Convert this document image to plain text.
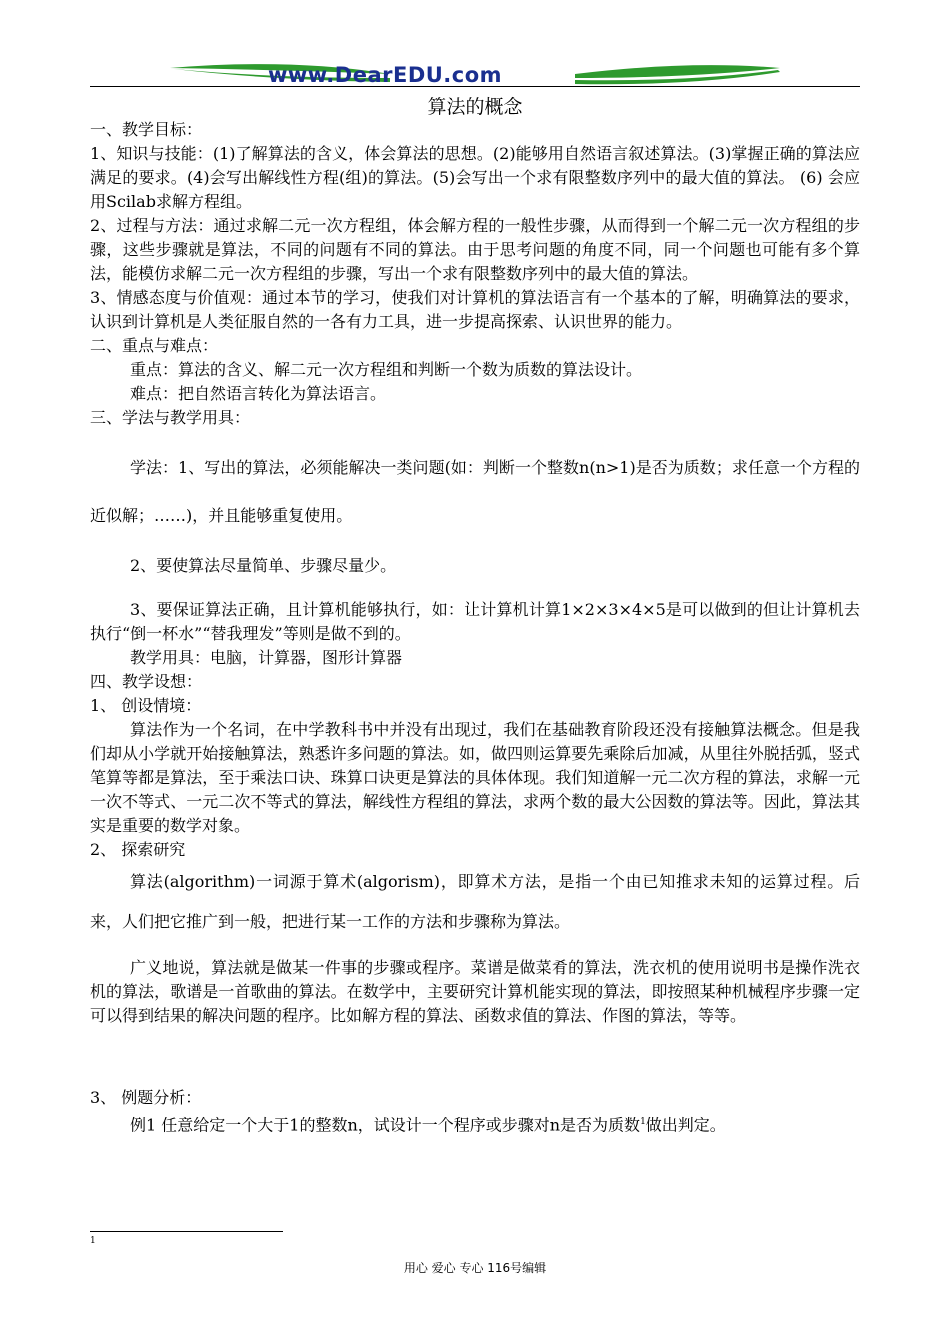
www.DearEDU.com
算法的概念

一、教学目标：

1、知识与技能：(1)了解算法的含义，体会算法的思想。(2)能够用自然语言叙述算法。(3)掌握正确的算法应满足的要求。(4)会写出解线性方程(组)的算法。(5)会写出一个求有限整数序列中的最大值的算法。 (6) 会应用Scilab求解方程组。

2、过程与方法：通过求解二元一次方程组，体会解方程的一般性步骤，从而得到一个解二元一次方程组的步骤，这些步骤就是算法，不同的问题有不同的算法。由于思考问题的角度不同，同一个问题也可能有多个算法，能模仿求解二元一次方程组的步骤，写出一个求有限整数序列中的最大值的算法。

3、情感态度与价值观：通过本节的学习，使我们对计算机的算法语言有一个基本的了解，明确算法的要求，认识到计算机是人类征服自然的一各有力工具，进一步提高探索、认识世界的能力。

二、重点与难点：

重点：算法的含义、解二元一次方程组和判断一个数为质数的算法设计。

难点：把自然语言转化为算法语言。

三、学法与教学用具：

学法：1、写出的算法，必须能解决一类问题(如：判断一个整数n(n>1)是否为质数；求任意一个方程的近似解；……)，并且能够重复使用。

2、要使算法尽量简单、步骤尽量少。

3、要保证算法正确，且计算机能够执行，如：让计算机计算1×2×3×4×5是可以做到的但让计算机去执行“倒一杯水”“替我理发”等则是做不到的。

教学用具：电脑，计算器，图形计算器

四、教学设想：

1、 创设情境：

算法作为一个名词，在中学教科书中并没有出现过，我们在基础教育阶段还没有接触算法概念。但是我们却从小学就开始接触算法，熟悉许多问题的算法。如，做四则运算要先乘除后加减，从里往外脱括弧，竖式笔算等都是算法，至于乘法口诀、珠算口诀更是算法的具体体现。我们知道解一元二次方程的算法，求解一元一次不等式、一元二次不等式的算法，解线性方程组的算法，求两个数的最大公因数的算法等。因此，算法其实是重要的数学对象。

2、 探索研究

算法(algorithm)一词源于算术(algorism)，即算术方法，是指一个由已知推求未知的运算过程。后来，人们把它推广到一般，把进行某一工作的方法和步骤称为算法。

广义地说，算法就是做某一件事的步骤或程序。菜谱是做菜肴的算法，洗衣机的使用说明书是操作洗衣机的算法，歌谱是一首歌曲的算法。在数学中，主要研究计算机能实现的算法，即按照某种机械程序步骤一定可以得到结果的解决问题的程序。比如解方程的算法、函数求值的算法、作图的算法，等等。

3、 例题分析：

例1 任意给定一个大于1的整数n，试设计一个程序或步骤对n是否为质数$^1$做出判定。

1
用心 爱心 专心 116号编辑
